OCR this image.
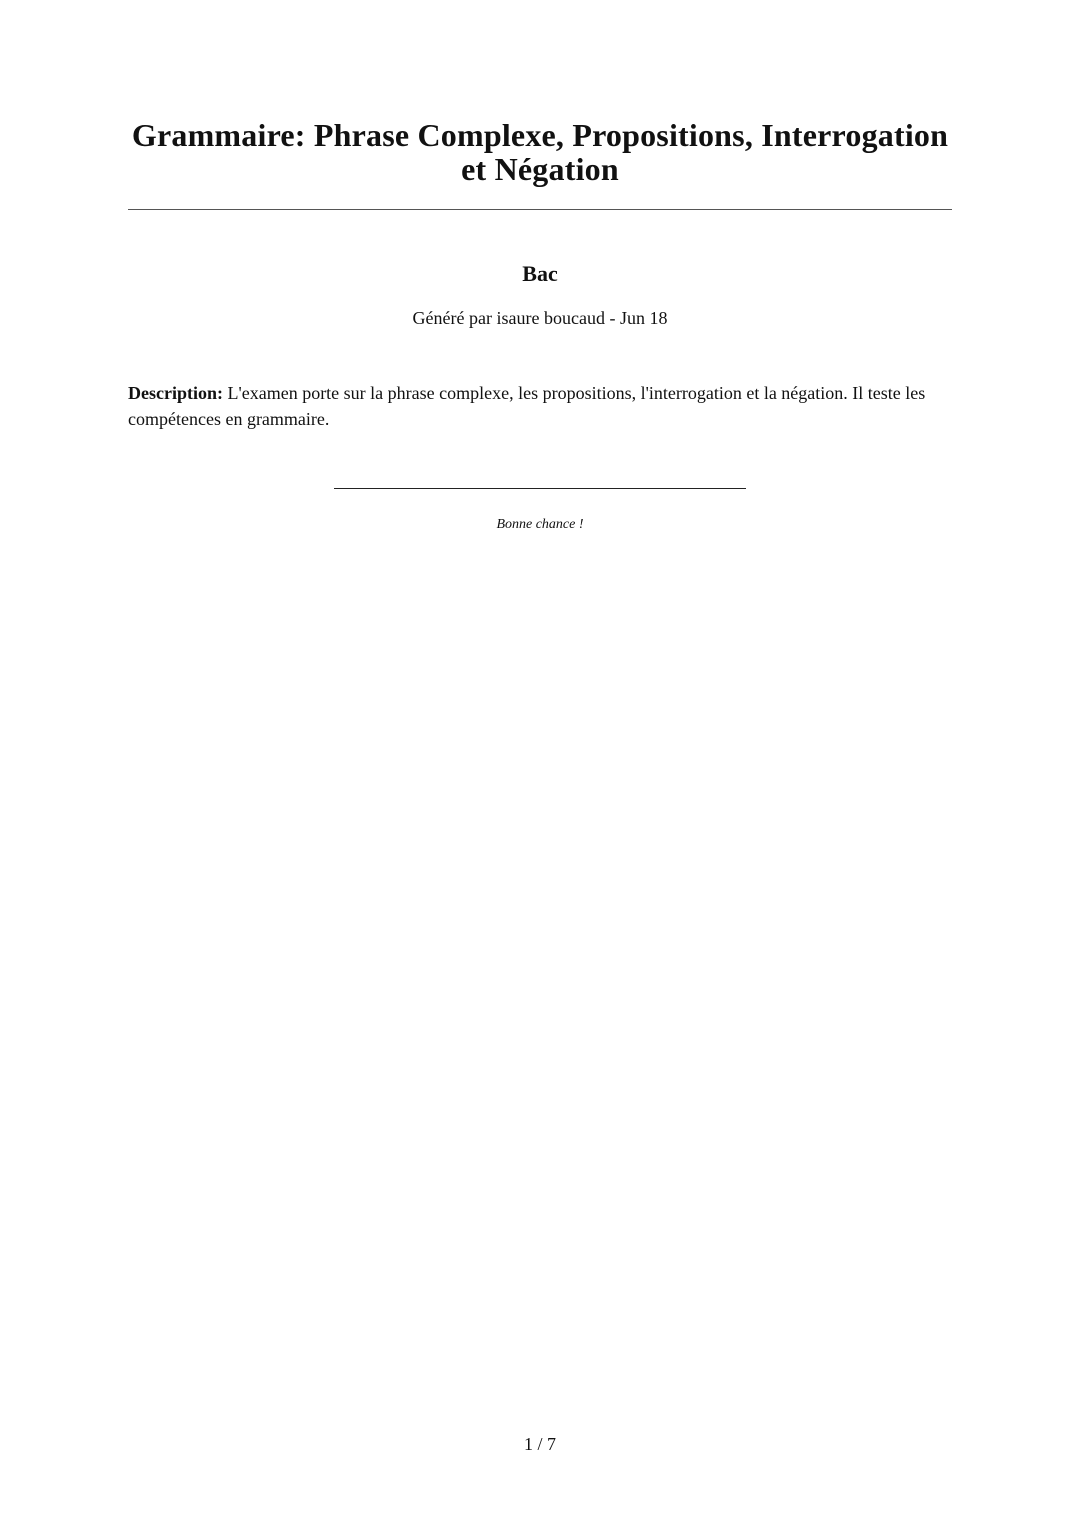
Grammaire: Phrase Complexe, Propositions, Interrogation et Négation
Bac
Généré par isaure boucaud - Jun 18

Description: L'examen porte sur la phrase complexe, les propositions, l'interrogation et la négation. Il teste les compétences en grammaire.

Bonne chance !
1 / 7
